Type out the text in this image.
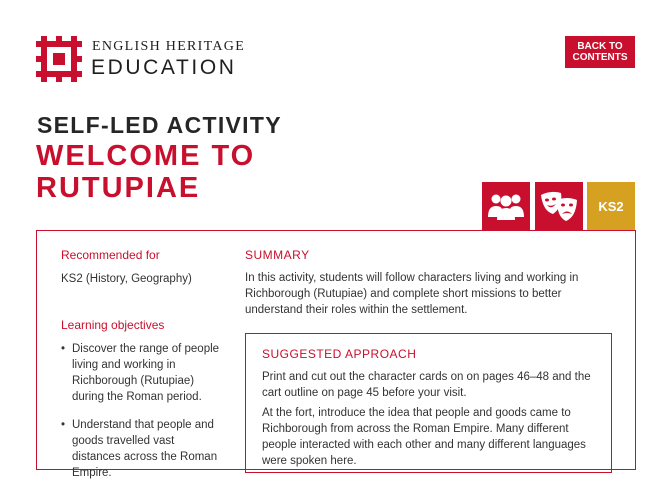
ENGLISH HERITAGE
EDUCATION
BACK TO CONTENTS
SELF-LED ACTIVITY
WELCOME TO RUTUPIAE
KS2
Recommended for
KS2 (History, Geography)
Learning objectives
• Discover the range of people living and working in Richborough (Rutupiae) during the Roman period.
• Understand that people and goods travelled vast distances across the Roman Empire.
SUMMARY
In this activity, students will follow characters living and working in Richborough (Rutupiae) and complete short missions to better understand their roles within the settlement.
SUGGESTED APPROACH
Print and cut out the character cards on on pages 46–48 and the cart outline on page 45 before your visit.
At the fort, introduce the idea that people and goods came to Richborough from across the Roman Empire. Many different people interacted with each other and many different languages were spoken here.
